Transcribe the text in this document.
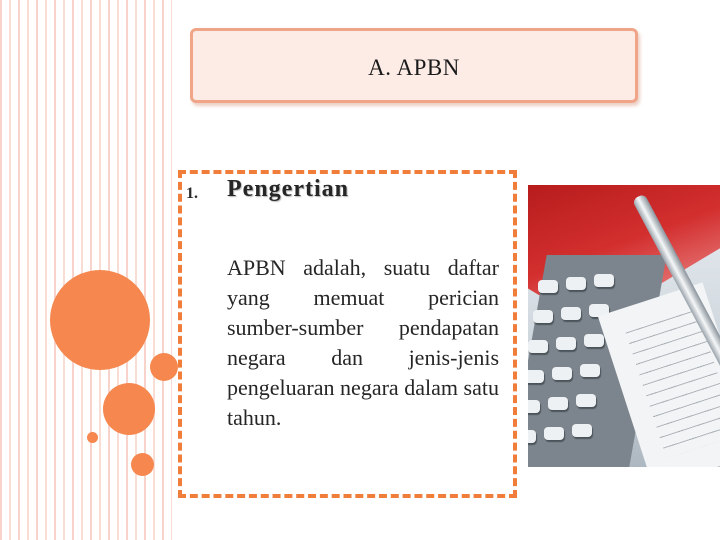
A. APBN
1. Pengertian
APBN adalah, suatu daftar yang memuat perician sumber-sumber pendapatan negara dan jenis-jenis pengeluaran negara dalam satu tahun.
